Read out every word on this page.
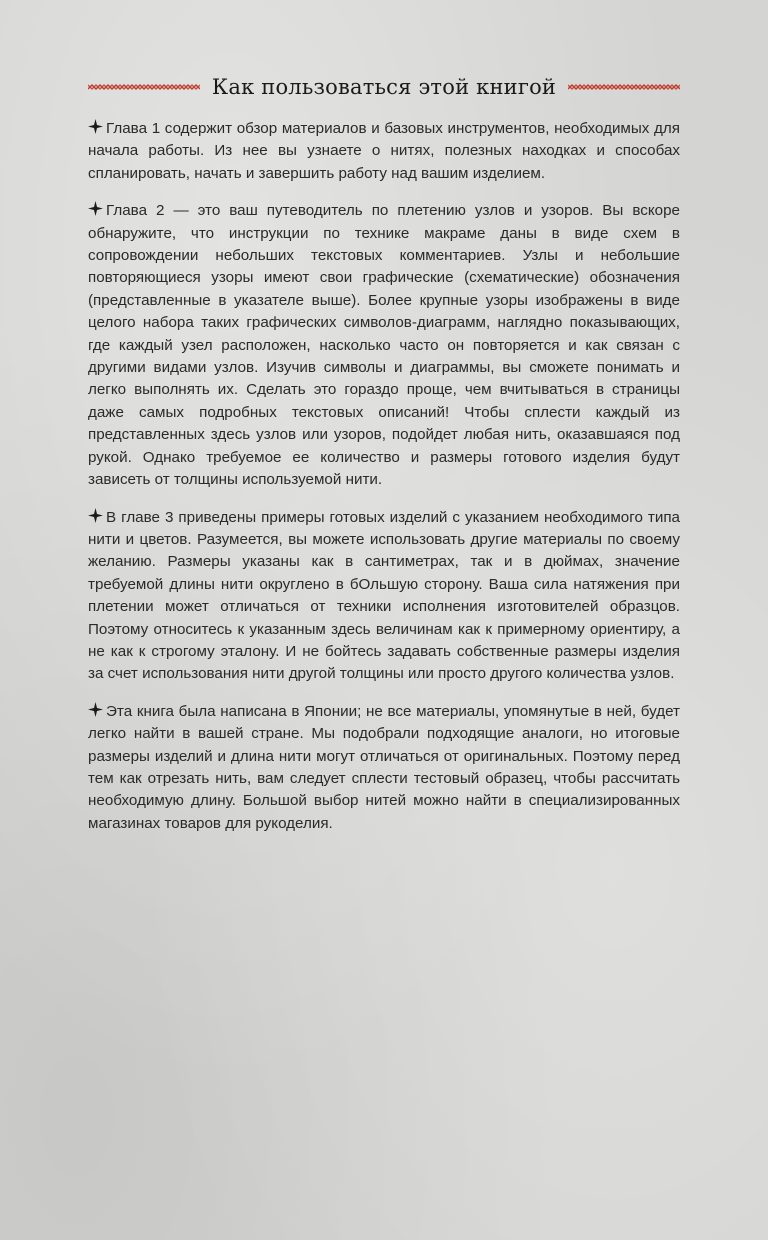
Как пользоваться этой книгой

Глава 1 содержит обзор материалов и базовых инструментов, необходимых для начала работы. Из нее вы узнаете о нитях, полезных находках и способах спланировать, начать и завершить работу над вашим изделием.

Глава 2 — это ваш путеводитель по плетению узлов и узоров. Вы вскоре обнаружите, что инструкции по технике макраме даны в виде схем в сопровождении небольших текстовых комментариев. Узлы и небольшие повторяющиеся узоры имеют свои графические (схематические) обозначения (представленные в указателе выше). Более крупные узоры изображены в виде целого набора таких графических символов-диаграмм, наглядно показывающих, где каждый узел расположен, насколько часто он повторяется и как связан с другими видами узлов. Изучив символы и диаграммы, вы сможете понимать и легко выполнять их. Сделать это гораздо проще, чем вчитываться в страницы даже самых подробных текстовых описаний! Чтобы сплести каждый из представленных здесь узлов или узоров, подойдет любая нить, оказавшаяся под рукой. Однако требуемое ее количество и размеры готового изделия будут зависеть от толщины используемой нити.

В главе 3 приведены примеры готовых изделий с указанием необходимого типа нити и цветов. Разумеется, вы можете использовать другие материалы по своему желанию. Размеры указаны как в сантиметрах, так и в дюймах, значение требуемой длины нити округлено в бОльшую сторону. Ваша сила натяжения при плетении может отличаться от техники исполнения изготовителей образцов. Поэтому относитесь к указанным здесь величинам как к примерному ориентиру, а не как к строгому эталону. И не бойтесь задавать собственные размеры изделия за счет использования нити другой толщины или просто другого количества узлов.

Эта книга была написана в Японии; не все материалы, упомянутые в ней, будет легко найти в вашей стране. Мы подобрали подходящие аналоги, но итоговые размеры изделий и длина нити могут отличаться от оригинальных. Поэтому перед тем как отрезать нить, вам следует сплести тестовый образец, чтобы рассчитать необходимую длину. Большой выбор нитей можно найти в специализированных магазинах товаров для рукоделия.
